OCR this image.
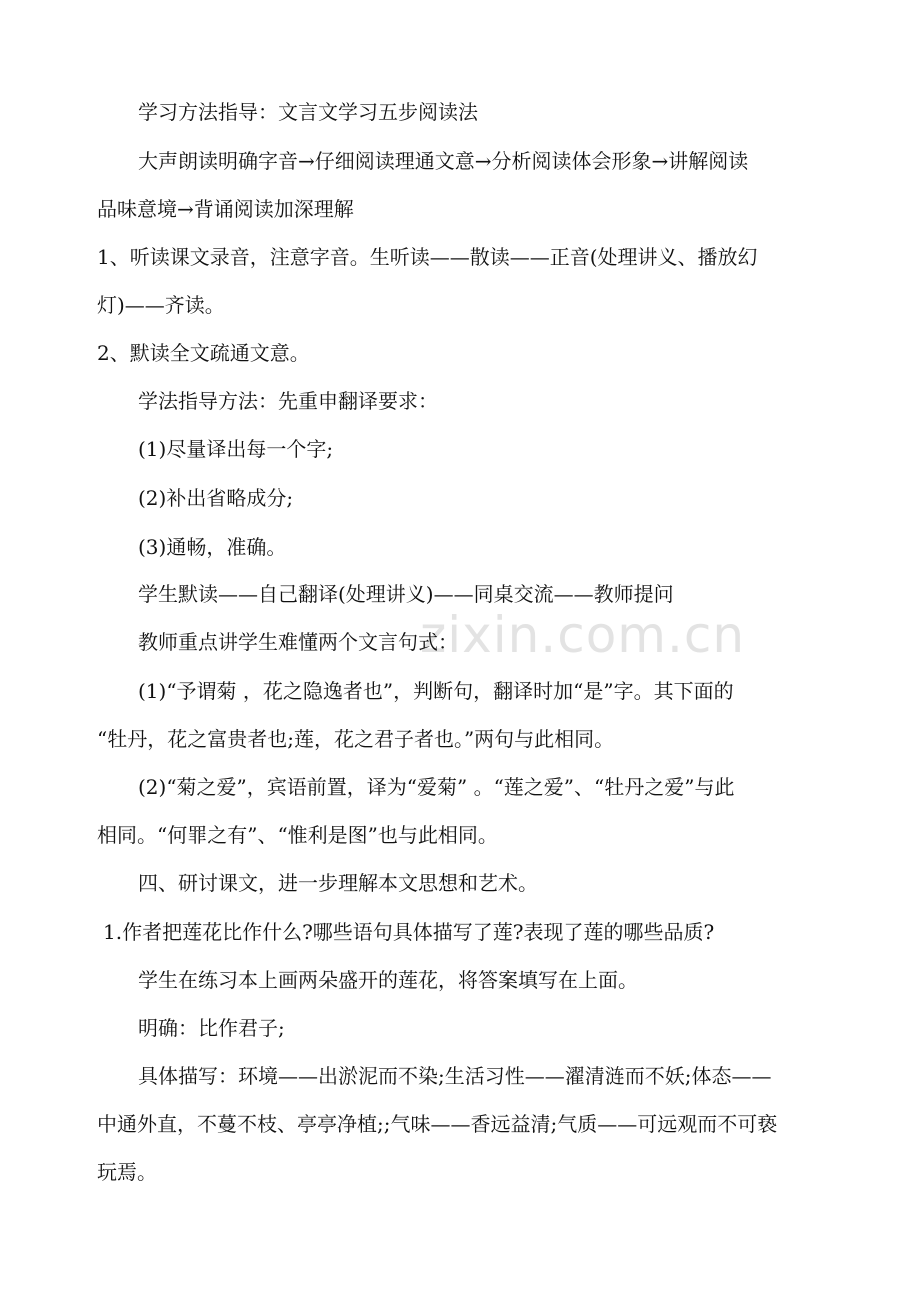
zixin.com.cn
学习方法指导：文言文学习五步阅读法
大声朗读明确字音→仔细阅读理通文意→分析阅读体会形象→讲解阅读
品味意境→背诵阅读加深理解
1、听读课文录音，注意字音。生听读——散读——正音(处理讲义、播放幻
灯)——齐读。
2、默读全文疏通文意。
学法指导方法：先重申翻译要求：
(1)尽量译出每一个字;
(2)补出省略成分;
(3)通畅，准确。
学生默读——自己翻译(处理讲义)——同桌交流——教师提问
教师重点讲学生难懂两个文言句式：
(1)“予谓菊 ，花之隐逸者也”，判断句，翻译时加“是”字。其下面的
“牡丹，花之富贵者也;莲，花之君子者也。”两句与此相同。
(2)“菊之爱”，宾语前置，译为“爱菊” 。“莲之爱”、“牡丹之爱”与此
相同。“何罪之有”、“惟利是图”也与此相同。
四、研讨课文，进一步理解本文思想和艺术。
1.作者把莲花比作什么?哪些语句具体描写了莲?表现了莲的哪些品质?
学生在练习本上画两朵盛开的莲花，将答案填写在上面。
明确：比作君子;
具体描写：环境——出淤泥而不染;生活习性——濯清涟而不妖;体态——
中通外直，不蔓不枝、亭亭净植;;气味——香远益清;气质——可远观而不可亵
玩焉。
